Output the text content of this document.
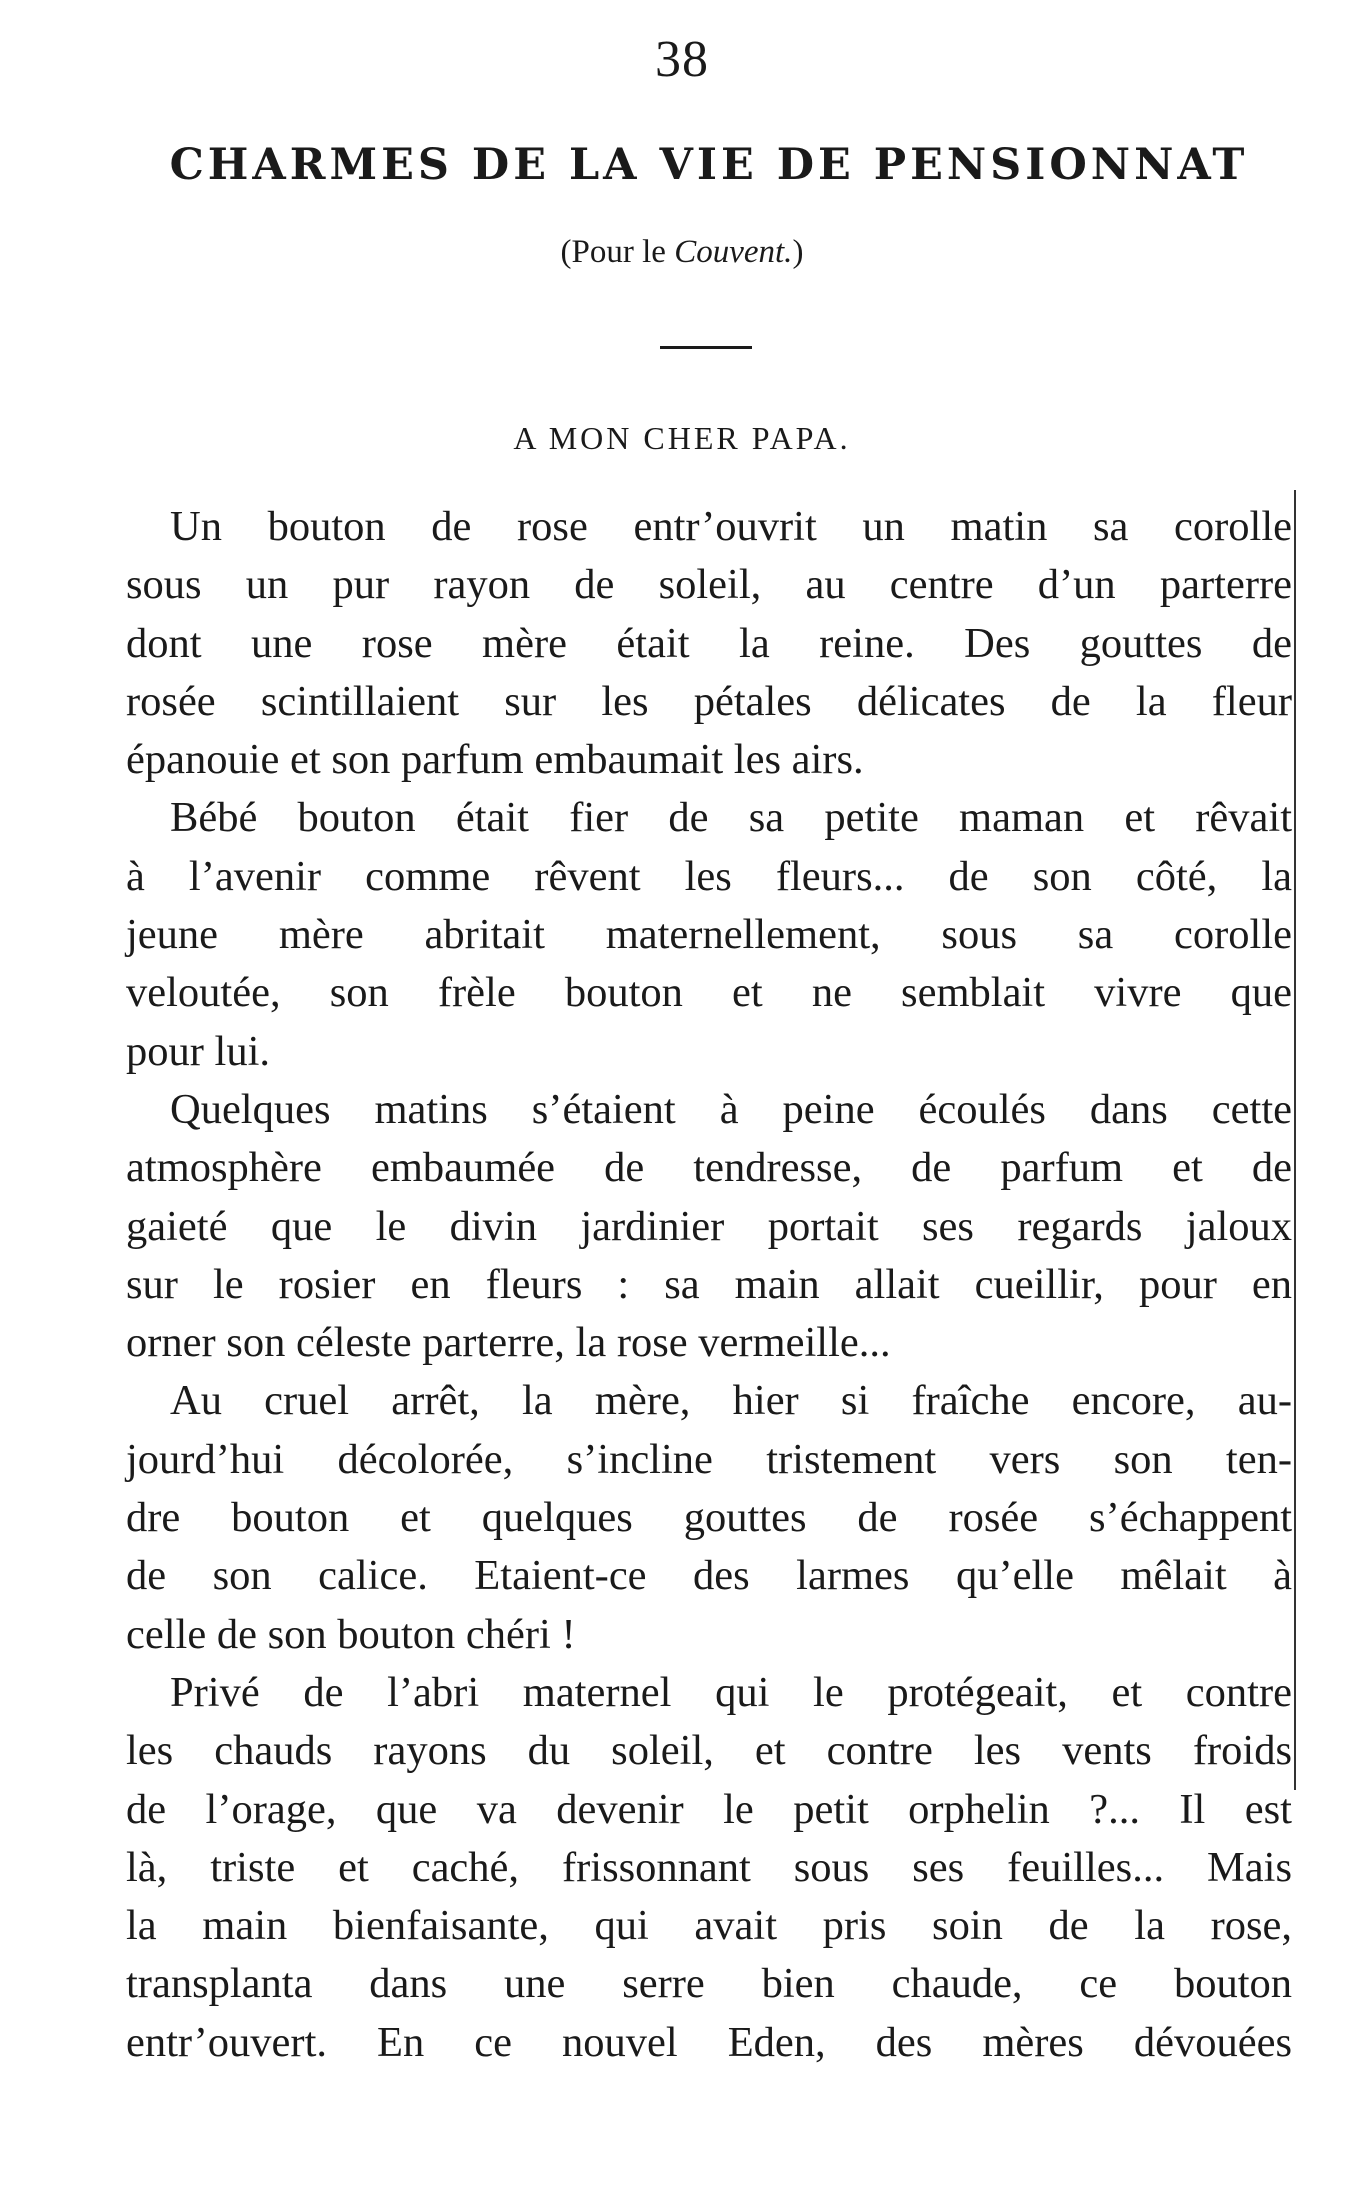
38
CHARMES DE LA VIE DE PENSIONNAT
(Pour le Couvent.)
A MON CHER PAPA.
Un bouton de rose entr’ouvrit un matin sa corolle
sous un pur rayon de soleil, au centre d’un parterre
dont une rose mère était la reine. Des gouttes de
rosée scintillaient sur les pétales délicates de la fleur
épanouie et son parfum embaumait les airs.
Bébé bouton était fier de sa petite maman et rêvait
à l’avenir comme rêvent les fleurs... de son côté, la
jeune mère abritait maternellement, sous sa corolle
veloutée, son frèle bouton et ne semblait vivre que
pour lui.
Quelques matins s’étaient à peine écoulés dans cette
atmosphère embaumée de tendresse, de parfum et de
gaieté que le divin jardinier portait ses regards jaloux
sur le rosier en fleurs : sa main allait cueillir, pour en
orner son céleste parterre, la rose vermeille...
Au cruel arrêt, la mère, hier si fraîche encore, au-
jourd’hui décolorée, s’incline tristement vers son ten-
dre bouton et quelques gouttes de rosée s’échappent
de son calice. Etaient-ce des larmes qu’elle mêlait à
celle de son bouton chéri !
Privé de l’abri maternel qui le protégeait, et contre
les chauds rayons du soleil, et contre les vents froids
de l’orage, que va devenir le petit orphelin ?... Il est
là, triste et caché, frissonnant sous ses feuilles... Mais
la main bienfaisante, qui avait pris soin de la rose,
transplanta dans une serre bien chaude, ce bouton
entr’ouvert. En ce nouvel Eden, des mères dévouées
